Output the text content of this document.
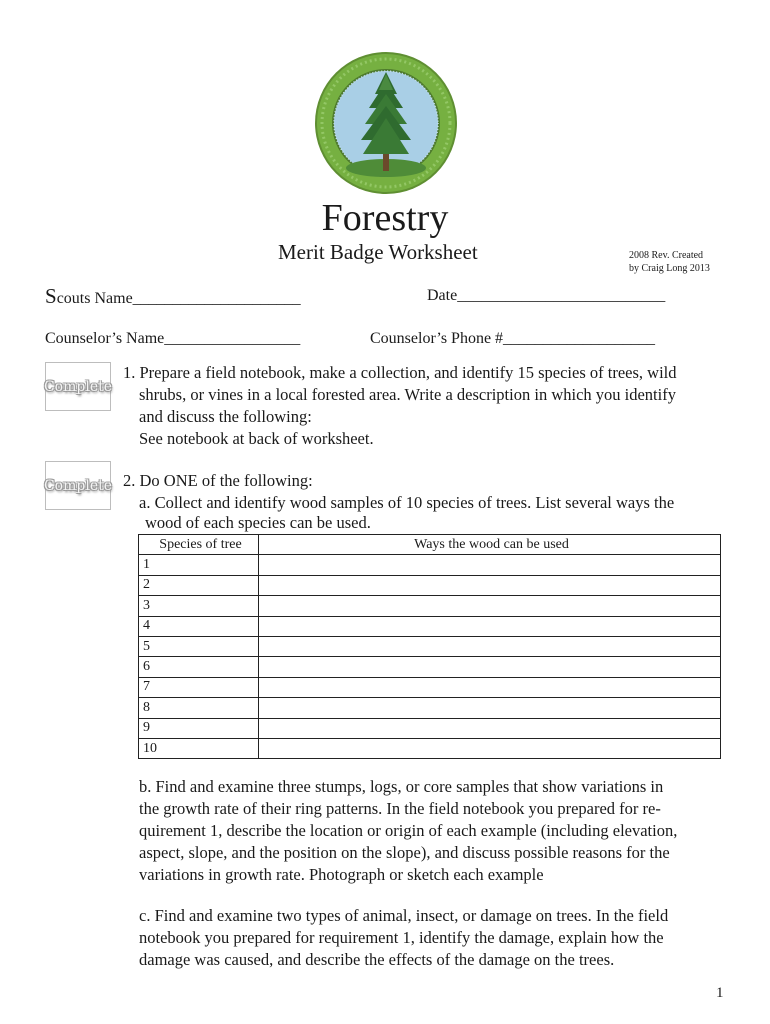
Forestry
Merit Badge Worksheet	2008 Rev. Created
by Craig Long 2013
Scouts Name_____________________	Date__________________________
Counselor’s Name_________________	Counselor’s Phone #___________________
Complete
1. Prepare a field notebook, make a collection, and identify 15 species of trees, wild
shrubs, or vines in a local forested area. Write a description in which you identify
and discuss the following:
See notebook at back of worksheet.
Complete 2. Do ONE of the following:
a. Collect and identify wood samples of 10 species of trees. List several ways the
wood of each species can be used.
Species of tree	Ways the wood can be used
1	
2	
3	
4	
5	
6	
7	
8	
9	
10	
b. Find and examine three stumps, logs, or core samples that show variations in
the growth rate of their ring patterns. In the field notebook you prepared for re-
quirement 1, describe the location or origin of each example (including elevation,
aspect, slope, and the position on the slope), and discuss possible reasons for the
variations in growth rate. Photograph or sketch each example
c. Find and examine two types of animal, insect, or damage on trees. In the field
notebook you prepared for requirement 1, identify the damage, explain how the
damage was caused, and describe the effects of the damage on the trees.
1
